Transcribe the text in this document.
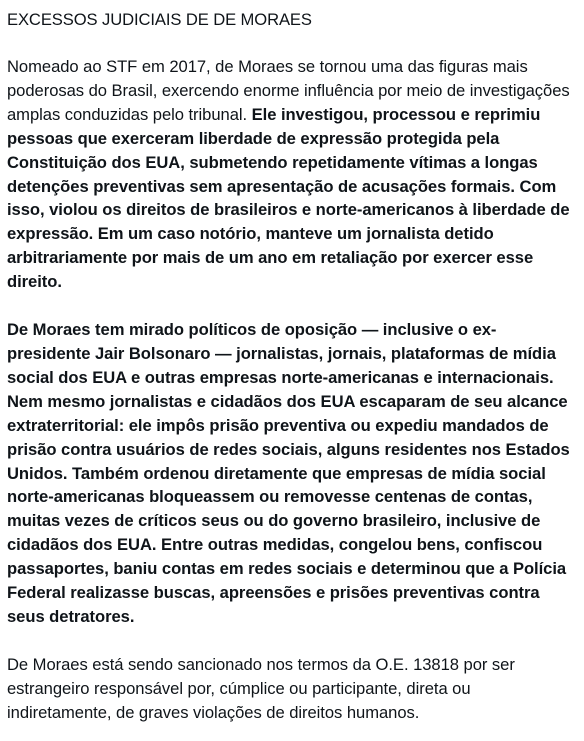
EXCESSOS JUDICIAIS DE DE MORAES

Nomeado ao STF em 2017, de Moraes se tornou uma das figuras mais poderosas do Brasil, exercendo enorme influência por meio de investigações amplas conduzidas pelo tribunal. Ele investigou, processou e reprimiu pessoas que exerceram liberdade de expressão protegida pela Constituição dos EUA, submetendo repetidamente vítimas a longas detenções preventivas sem apresentação de acusações formais. Com isso, violou os direitos de brasileiros e norte-americanos à liberdade de expressão. Em um caso notório, manteve um jornalista detido arbitrariamente por mais de um ano em retaliação por exercer esse direito.

De Moraes tem mirado políticos de oposição — inclusive o ex-presidente Jair Bolsonaro — jornalistas, jornais, plataformas de mídia social dos EUA e outras empresas norte-americanas e internacionais. Nem mesmo jornalistas e cidadãos dos EUA escaparam de seu alcance extraterritorial: ele impôs prisão preventiva ou expediu mandados de prisão contra usuários de redes sociais, alguns residentes nos Estados Unidos. Também ordenou diretamente que empresas de mídia social norte-americanas bloqueassem ou removesse centenas de contas, muitas vezes de críticos seus ou do governo brasileiro, inclusive de cidadãos dos EUA. Entre outras medidas, congelou bens, confiscou passaportes, baniu contas em redes sociais e determinou que a Polícia Federal realizasse buscas, apreensões e prisões preventivas contra seus detratores.

De Moraes está sendo sancionado nos termos da O.E. 13818 por ser estrangeiro responsável por, cúmplice ou participante, direta ou indiretamente, de graves violações de direitos humanos.
